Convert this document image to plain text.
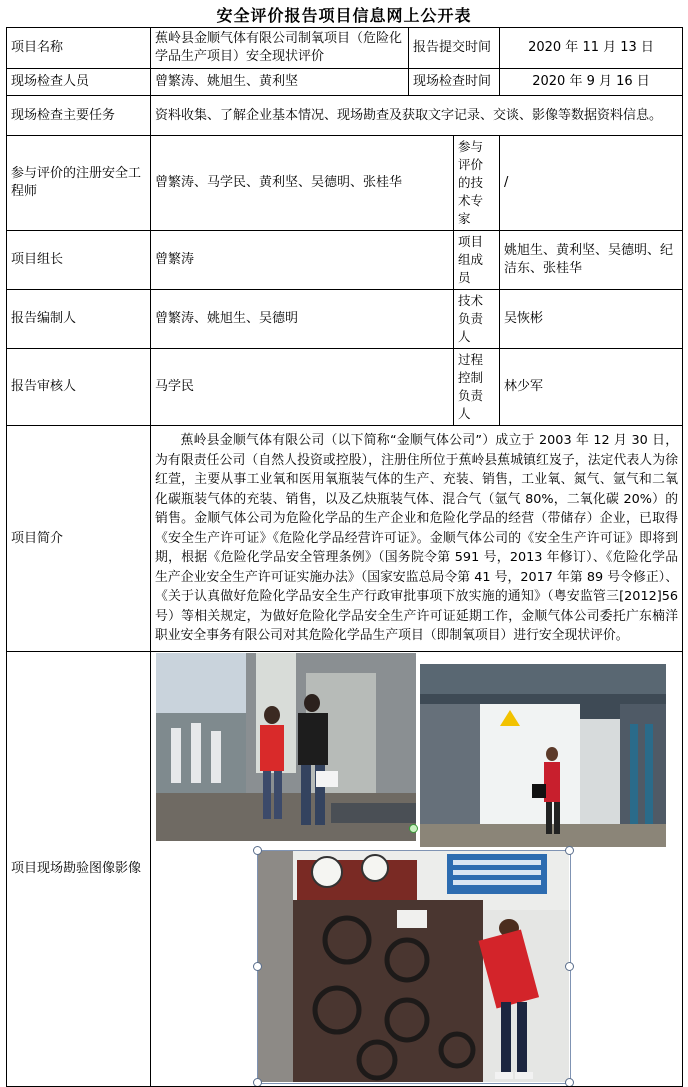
安全评价报告项目信息网上公开表
项目名称	蕉岭县金顺气体有限公司制氧项目（危险化学品生产项目）安全现状评价	报告提交时间		2020 年 11 月 13 日
现场检查人员	曾繁涛、姚旭生、黄利坚	现场检查时间		2020 年 9 月 16 日
现场检查主要任务	资料收集、了解企业基本情况、现场勘查及获取文字记录、交谈、影像等数据资料信息。			
参与评价的注册安全工程师	曾繁涛、马学民、黄利坚、吴德明、张桂华		参与评价的技术专家	/
项目组长	曾繁涛		项目组成员	姚旭生、黄利坚、吴德明、纪洁东、张桂华
报告编制人	曾繁涛、姚旭生、吴德明		技术负责人	吴恢彬
报告审核人	马学民		过程控制负责人	林少军
项目简介	蕉岭县金顺气体有限公司（以下简称“金顺气体公司”）成立于 2003 年 12 月 30 日，为有限责任公司（自然人投资或控股），注册住所位于蕉岭县蕉城镇红岌子，法定代表人为徐红萱，主要从事工业氧和医用氧瓶装气体的生产、充装、销售，工业氧、氮气、氩气和二氧化碳瓶装气体的充装、销售，以及乙炔瓶装气体、混合气（氩气 80%，二氧化碳 20%）的销售。金顺气体公司为危险化学品的生产企业和危险化学品的经营（带储存）企业，已取得《安全生产许可证》《危险化学品经营许可证》。金顺气体公司的《安全生产许可证》即将到期，根据《危险化学品安全管理条例》（国务院令第 591 号，2013 年修订）、《危险化学品生产企业安全生产许可证实施办法》（国家安监总局令第 41 号，2017 年第 89 号令修正）、《关于认真做好危险化学品安全生产行政审批事项下放实施的通知》（粤安监管三[2012]56 号）等相关规定，为做好危险化学品安全生产许可证延期工作，金顺气体公司委托广东楠洋职业安全事务有限公司对其危险化学品生产项目（即制氧项目）进行安全现状评价。			

项目现场勘验图像影像	
